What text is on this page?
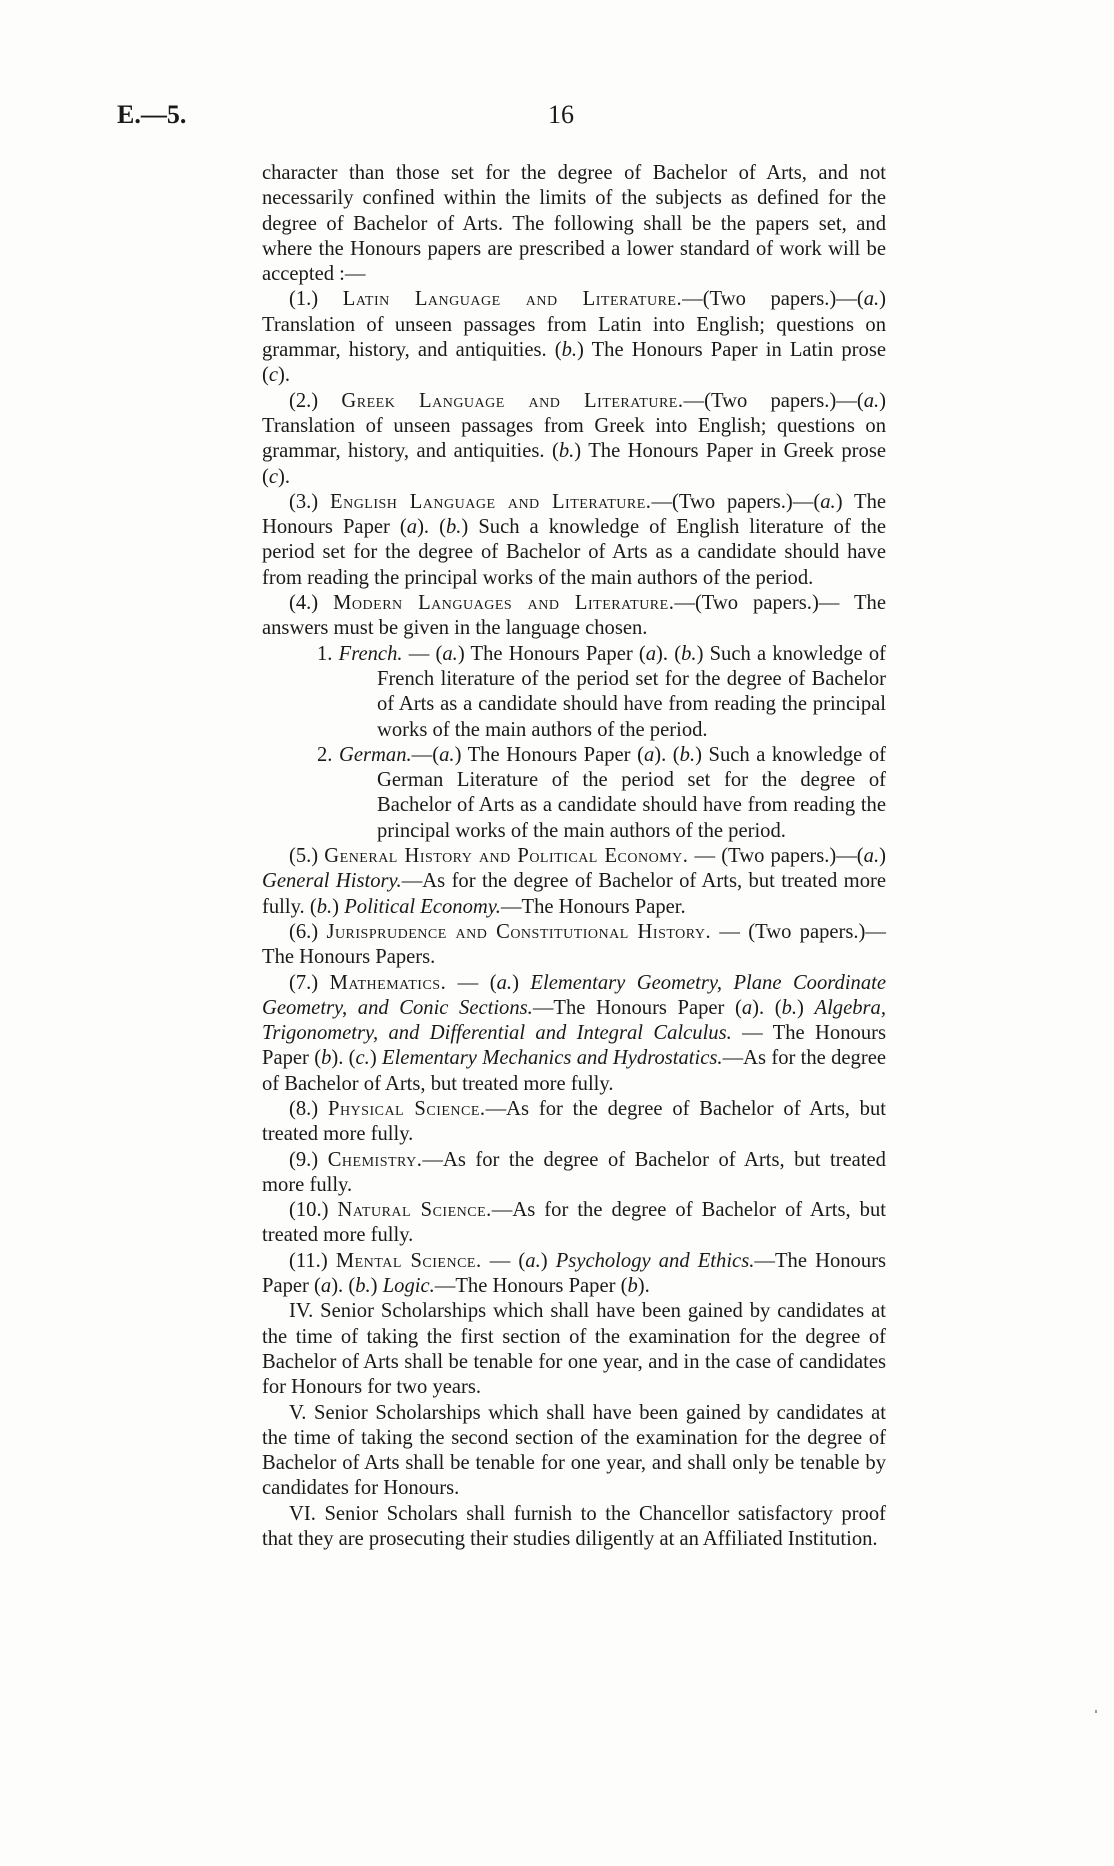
E.—5.	16

character than those set for the degree of Bachelor of Arts, and not necessarily confined within the limits of the subjects as defined for the degree of Bachelor of Arts. The following shall be the papers set, and where the Honours papers are prescribed a lower standard of work will be accepted :—

(1.) Latin Language and Literature.—(Two papers.)—(a.) Translation of unseen passages from Latin into English; questions on grammar, history, and antiquities. (b.) The Honours Paper in Latin prose (c).

(2.) Greek Language and Literature.—(Two papers.)—(a.) Translation of unseen passages from Greek into English; questions on grammar, history, and antiquities. (b.) The Honours Paper in Greek prose (c).

(3.) English Language and Literature.—(Two papers.)—(a.) The Honours Paper (a). (b.) Such a knowledge of English literature of the period set for the degree of Bachelor of Arts as a candidate should have from reading the principal works of the main authors of the period.

(4.) Modern Languages and Literature.—(Two papers.)— The answers must be given in the language chosen.

1. French. — (a.) The Honours Paper (a). (b.) Such a knowledge of French literature of the period set for the degree of Bachelor of Arts as a candidate should have from reading the principal works of the main authors of the period.

2. German.—(a.) The Honours Paper (a). (b.) Such a knowledge of German Literature of the period set for the degree of Bachelor of Arts as a candidate should have from reading the principal works of the main authors of the period.

(5.) General History and Political Economy. — (Two papers.)—(a.) General History.—As for the degree of Bachelor of Arts, but treated more fully. (b.) Political Economy.—The Honours Paper.

(6.) Jurisprudence and Constitutional History. — (Two papers.)—The Honours Papers.

(7.) Mathematics. — (a.) Elementary Geometry, Plane Coordinate Geometry, and Conic Sections.—The Honours Paper (a). (b.) Algebra, Trigonometry, and Differential and Integral Calculus. — The Honours Paper (b). (c.) Elementary Mechanics and Hydrostatics.—As for the degree of Bachelor of Arts, but treated more fully.

(8.) Physical Science.—As for the degree of Bachelor of Arts, but treated more fully.

(9.) Chemistry.—As for the degree of Bachelor of Arts, but treated more fully.

(10.) Natural Science.—As for the degree of Bachelor of Arts, but treated more fully.

(11.) Mental Science. — (a.) Psychology and Ethics.—The Honours Paper (a). (b.) Logic.—The Honours Paper (b).

IV. Senior Scholarships which shall have been gained by candidates at the time of taking the first section of the examination for the degree of Bachelor of Arts shall be tenable for one year, and in the case of candidates for Honours for two years.

V. Senior Scholarships which shall have been gained by candidates at the time of taking the second section of the examination for the degree of Bachelor of Arts shall be tenable for one year, and shall only be tenable by candidates for Honours.

VI. Senior Scholars shall furnish to the Chancellor satisfactory proof that they are prosecuting their studies diligently at an Affiliated Institution.
